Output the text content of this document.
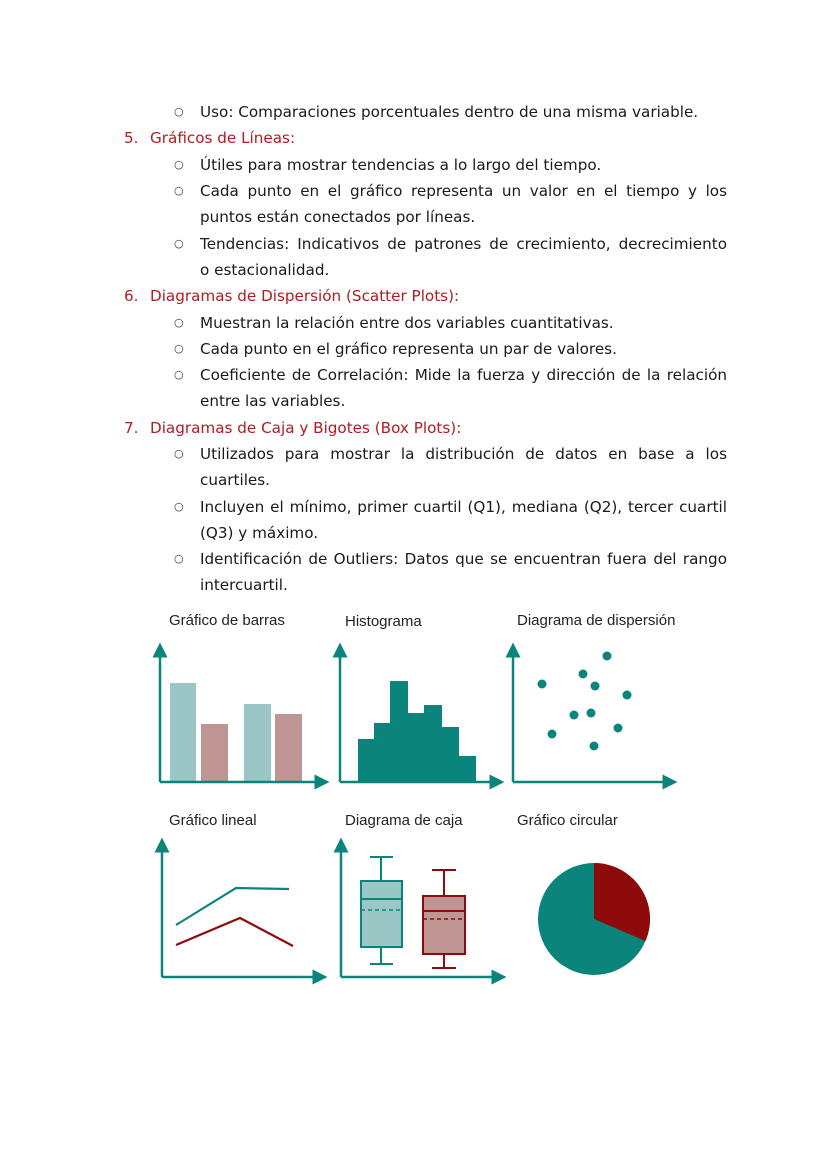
○ Uso: Comparaciones porcentuales dentro de una misma variable.
5. Gráficos de Líneas:
○ Útiles para mostrar tendencias a lo largo del tiempo.
○ Cada punto en el gráfico representa un valor en el tiempo y los
puntos están conectados por líneas.
○ Tendencias: Indicativos de patrones de crecimiento, decrecimiento
o estacionalidad.
6. Diagramas de Dispersión (Scatter Plots):
○ Muestran la relación entre dos variables cuantitativas.
○ Cada punto en el gráfico representa un par de valores.
○ Coeficiente de Correlación: Mide la fuerza y dirección de la relación
entre las variables.
7. Diagramas de Caja y Bigotes (Box Plots):
○ Utilizados para mostrar la distribución de datos en base a los
cuartiles.
○ Incluyen el mínimo, primer cuartil (Q1), mediana (Q2), tercer cuartil
(Q3) y máximo.
○ Identificación de Outliers: Datos que se encuentran fuera del rango
intercuartil.
Gráfico de barras	Histograma	Diagrama de dispersión
Gráfico lineal	Diagrama de caja	Gráfico circular
